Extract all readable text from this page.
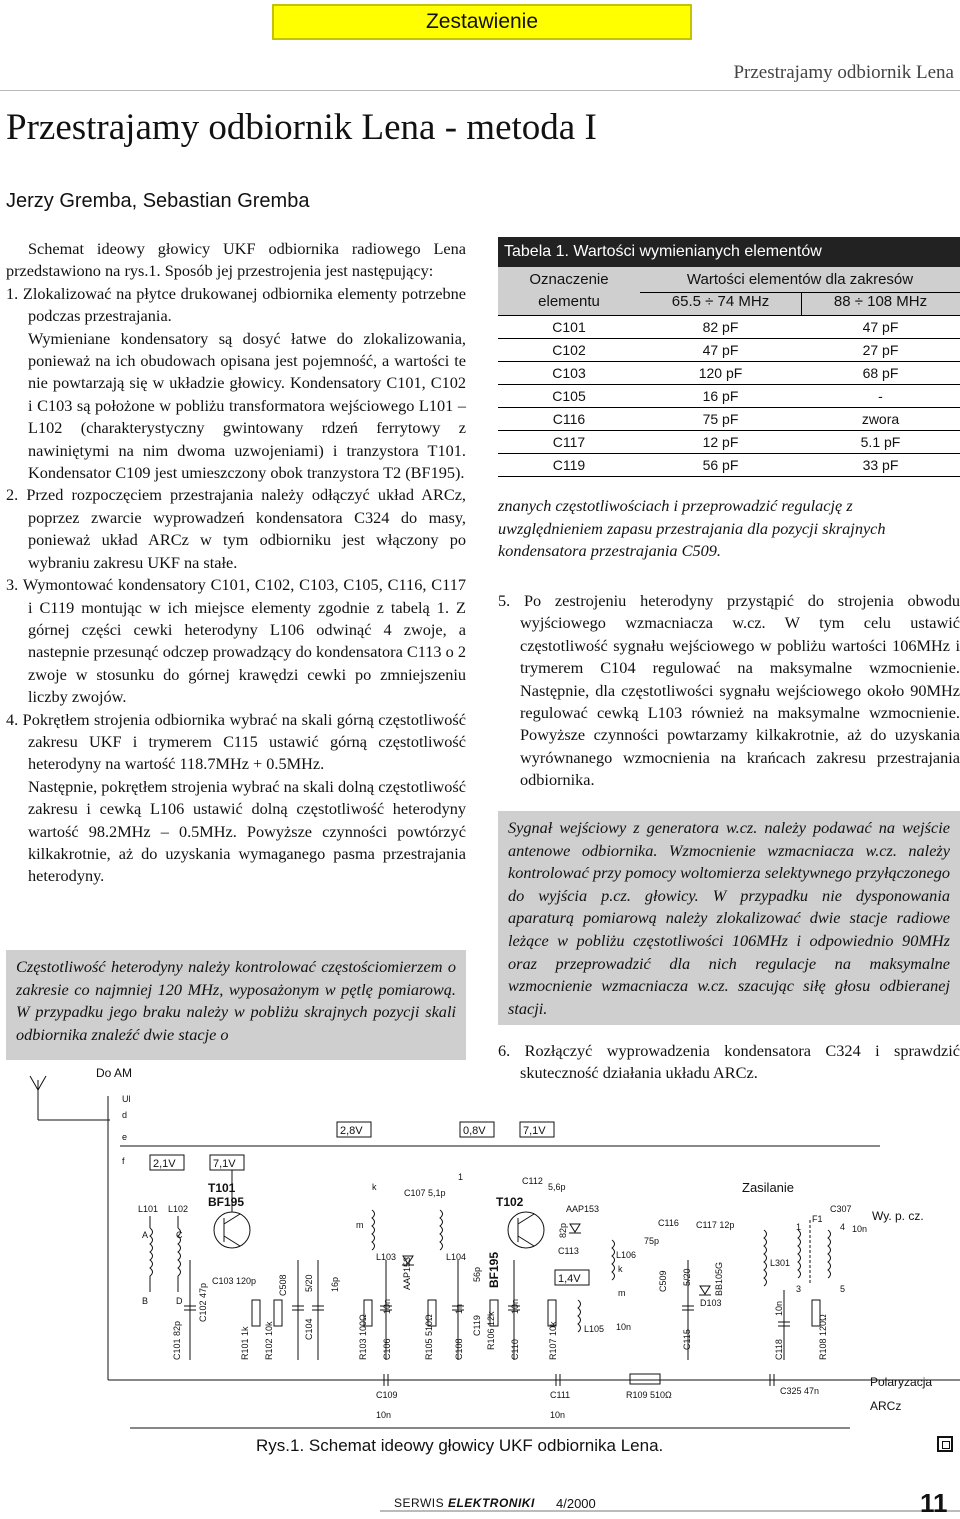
Zestawienie
Przestrajamy odbiornik Lena
Przestrajamy odbiornik Lena - metoda I
Jerzy Gremba, Sebastian Gremba

Schemat ideowy głowicy UKF odbiornika radiowego Lena przedstawiono na rys.1. Sposób jej przestrojenia jest następujący:

1. Zlokalizować na płytce drukowanej odbiornika elementy potrzebne podczas przestrajania.

Wymieniane kondensatory są dosyć łatwe do zlokalizowania, ponieważ na ich obudowach opisana jest pojemność, a wartości te nie powtarzają się w układzie głowicy. Kondensatory C101, C102 i C103 są położone w pobliżu transformatora wejściowego L101 – L102 (charakterystyczny gwintowany rdzeń ferrytowy z nawiniętymi na nim dwoma uzwojeniami) i tranzystora T101. Kondensator C109 jest umieszczony obok tranzystora T2 (BF195).

2. Przed rozpoczęciem przestrajania należy odłączyć układ ARCz, poprzez zwarcie wyprowadzeń kondensatora C324 do masy, ponieważ układ ARCz w tym odbiorniku jest włączony po wybraniu zakresu UKF na stałe.

3. Wymontować kondensatory C101, C102, C103, C105, C116, C117 i C119 montując w ich miejsce elementy zgodnie z tabelą 1. Z górnej części cewki heterodyny L106 odwinąć 4 zwoje, a nastepnie przesunąć odczep prowadzący do kondensatora C113 o 2 zwoje w stosunku do górnej krawędzi cewki po zmniejszeniu liczby zwojów.

4. Pokrętłem strojenia odbiornika wybrać na skali górną częstotliwość zakresu UKF i trymerem C115 ustawić górną częstotliwość heterodyny na wartość 118.7MHz + 0.5MHz.

Następnie, pokrętłem strojenia wybrać na skali dolną częstotliwość zakresu i cewką L106 ustawić dolną częstotliwość heterodyny wartość 98.2MHz – 0.5MHz. Powyższe czynności powtórzyć kilkakrotnie, aż do uzyskania wymaganego pasma przestrajania heterodyny.

Częstotliwość heterodyny należy kontrolować częstościomierzem o zakresie co najmniej 120 MHz, wyposażonym w pętlę pomiarową. W przypadku jego braku należy w pobliżu skrajnych pozycji skali odbiornika znaleźć dwie stacje o
Tabela 1. Wartości wymienianych elementów
Oznaczenie
elementu
Wartości elementów dla zakresów
65.5 ÷ 74 MHz	88 ÷ 108 MHz
C101	82 pF	47 pF
C102	47 pF	27 pF
C103	120 pF	68 pF
C105	16 pF	-
C116	75 pF	zwora
C117	12 pF	5.1 pF
C119	56 pF	33 pF
znanych częstotliwościach i przeprowadzić regulację z uwzględnieniem zapasu przestrajania dla pozycji skrajnych kondensatora przestrajania C509.

5. Po zestrojeniu heterodyny przystąpić do strojenia obwodu wyjściowego wzmacniacza w.cz. W tym celu ustawić częstotliwość sygnału wejściowego w pobliżu wartości 106MHz i trymerem C104 regulować na maksymalne wzmocnienie. Następnie, dla częstotliwości sygnału wejściowego około 90MHz regulować cewką L103 również na maksymalne wzmocnienie. Powyższe czynności powtarzamy kilkakrotnie, aż do uzyskania wyrównanego wzmocnienia na krańcach zakresu przestrajania odbiornika.

Sygnał wejściowy z generatora w.cz. należy podawać na wejście antenowe odbiornika. Wzmocnienie wzmacniacza w.cz. należy kontrolować przy pomocy woltomierza selektywnego przyłączonego do wyjścia p.cz. głowicy. W przypadku nie dysponowania aparaturą pomiarową należy zlokalizować dwie stacje radiowe leżące w pobliżu częstotliwości 106MHz i odpowiednio 90MHz oraz przeprowadzić dla nich regulacje na maksymalne wzmocnienie wzmacniacza w.cz. szacując siłę głosu odbieranej stacji.

6. Rozłączyć wyprowadzenia kondensatora C324 i sprawdzić skuteczność działania układu ARCz.

Do AM
Ul
d
e
f
2,8V	0,8V	7,1V
2,1V	7,1V
1,4V
L101 L102
A
B
C
D
T101
BF195	T102
BF195
C101 82p
C102 47p
C103 120p
R101 1k R102 10k
C508
C104
5/20 16p
m
k
L103
R103 100Ω C106
10n
AAP153
C107 5,1p
L104
R105 510Ω C108
1n
C119
56p
R106 12k C110
10n
1	C112
5,6p
82p
C113
AAP153
R107 10k	L105
L106
k
m
10n
C116
75p
C509 5/20
C117 12p
C115
BB105G
D103
Zasilanie
L301
C118
10n
R108 120Ω
F1
C307
10n
1
3
4
5
Wy. p. cz.
C109
10n
C111
10n
R109 510Ω	C325 47n
Polaryzacja
ARCz
Rys.1. Schemat ideowy głowicy UKF odbiornika Lena.
SERWIS ELEKTRONIKI 4/2000	11
